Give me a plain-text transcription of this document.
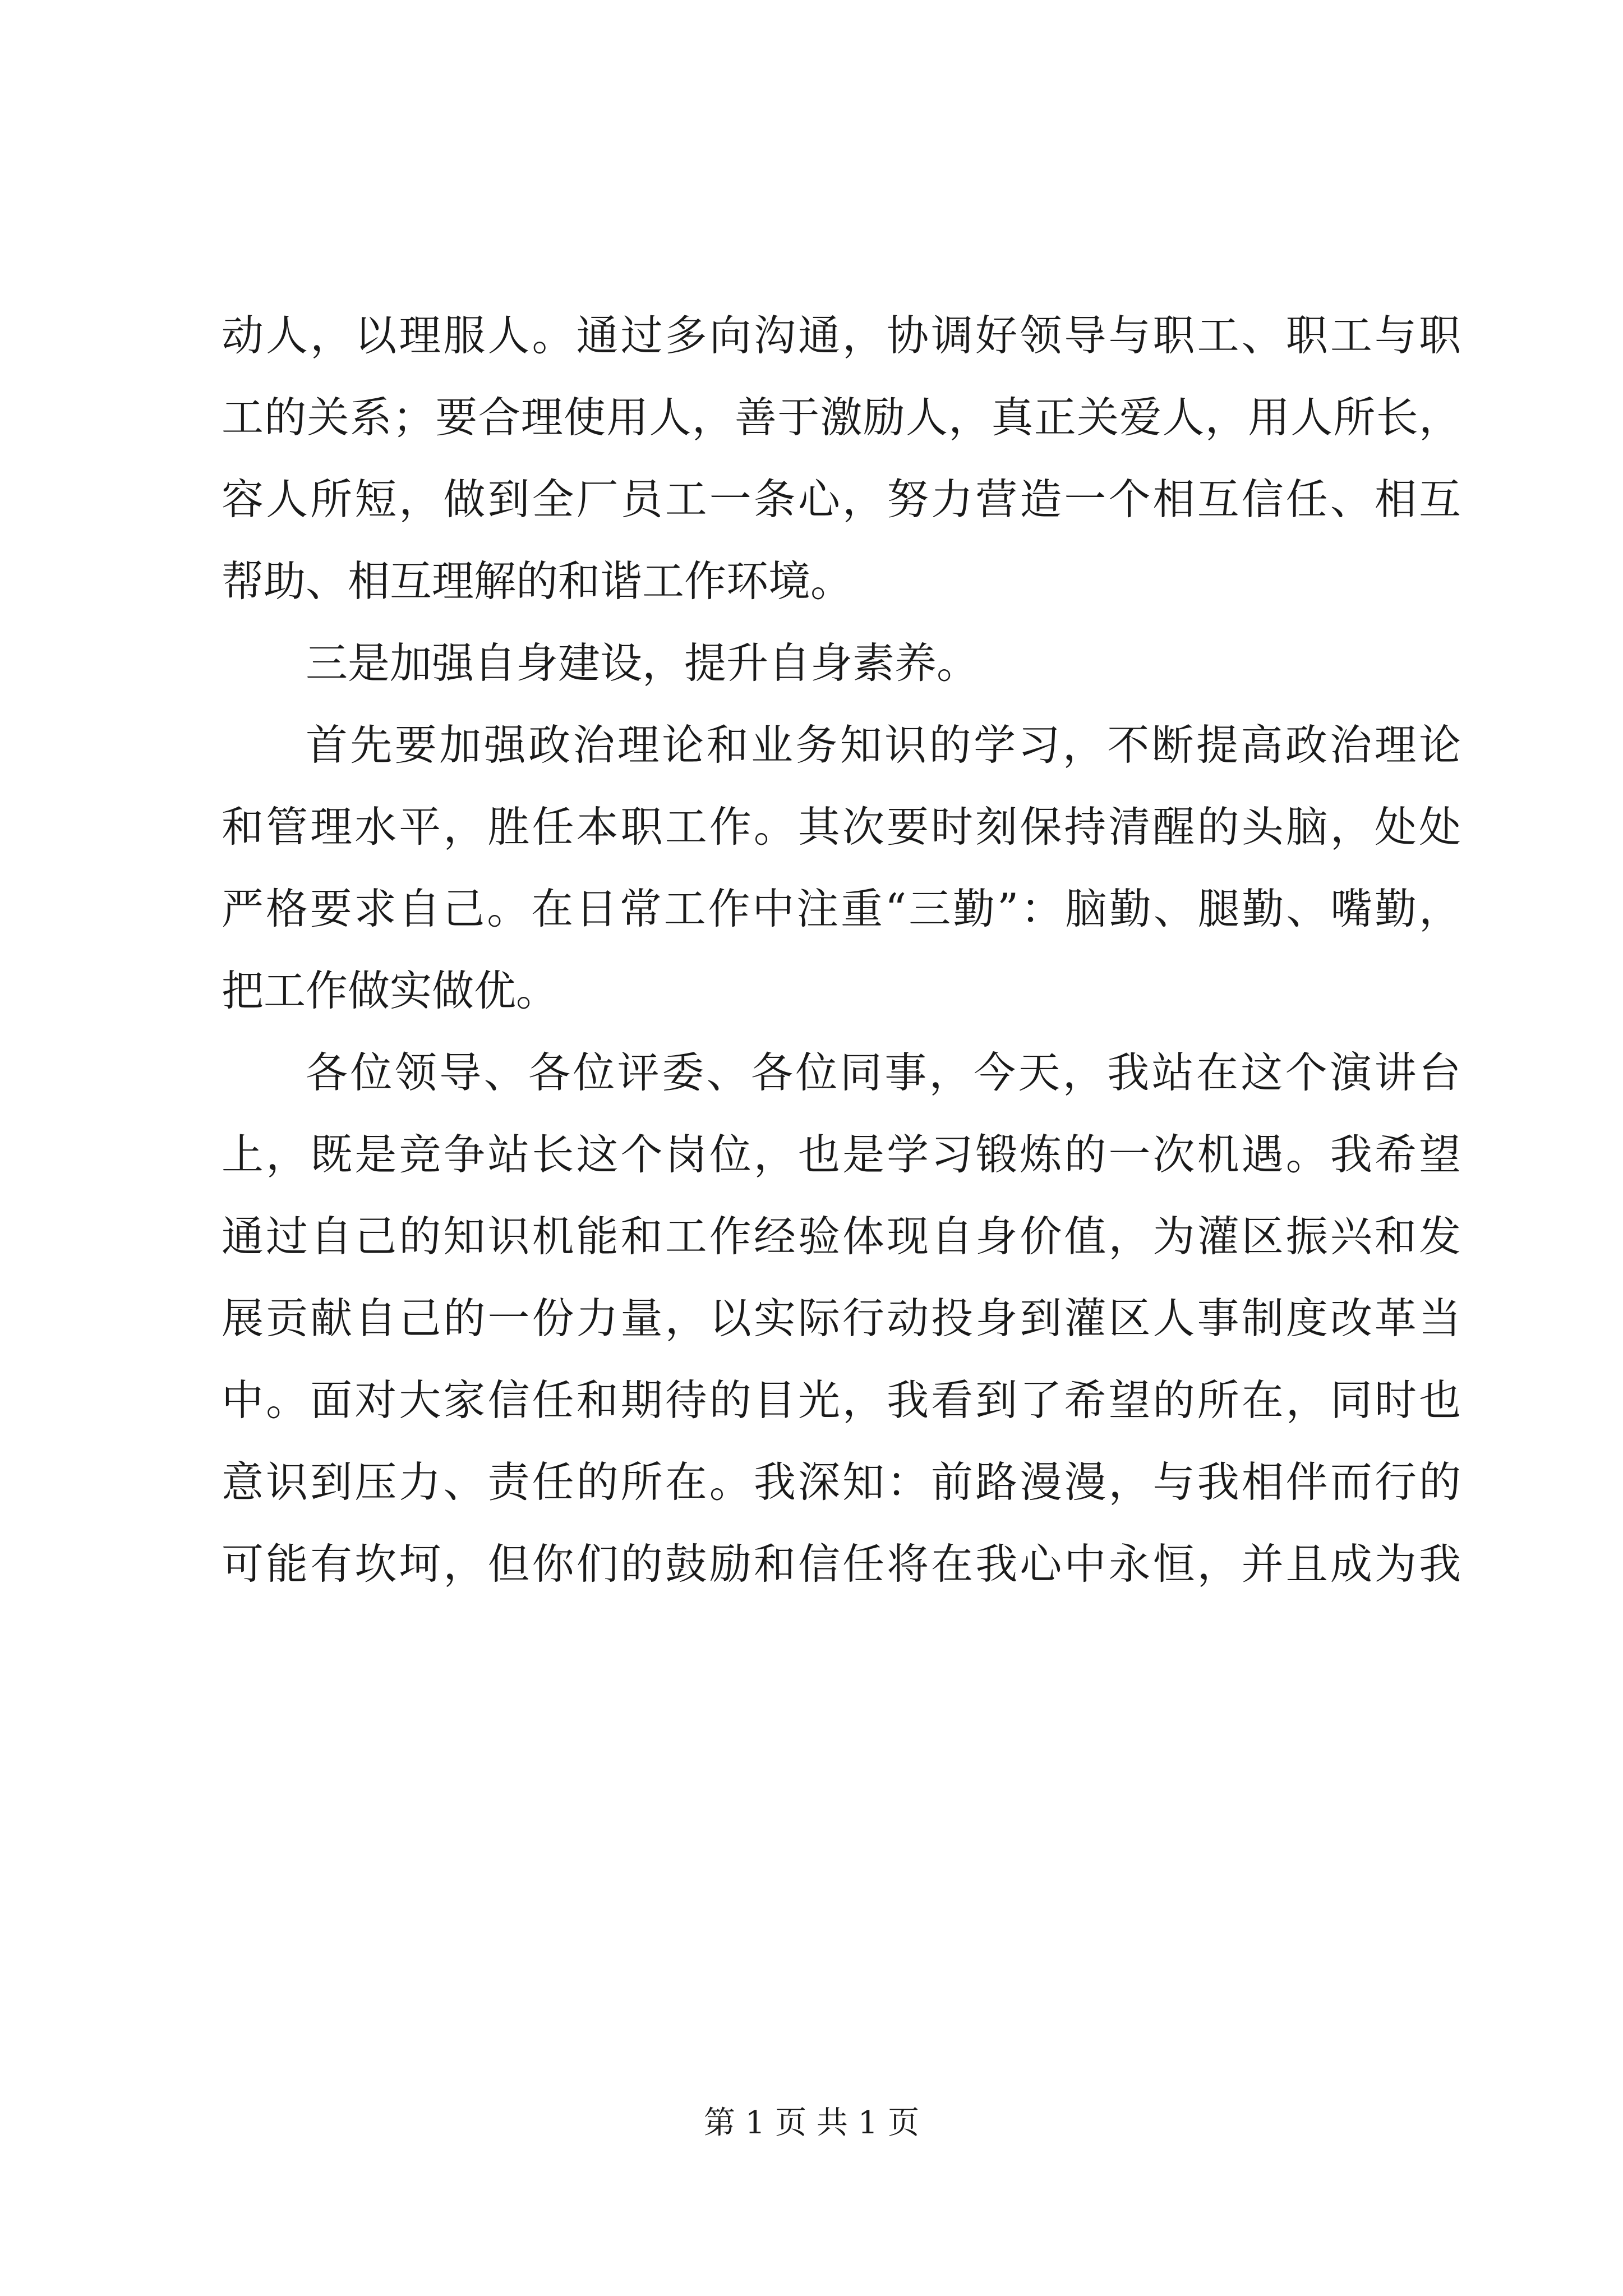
动人，以理服人。通过多向沟通，协调好领导与职工、职工与职
工的关系；要合理使用人，善于激励人，真正关爱人，用人所长，
容人所短，做到全厂员工一条心，努力营造一个相互信任、相互
帮助、相互理解的和谐工作环境。
三是加强自身建设，提升自身素养。
首先要加强政治理论和业务知识的学习，不断提高政治理论
和管理水平，胜任本职工作。其次要时刻保持清醒的头脑，处处
严格要求自己。在日常工作中注重“三勤”：脑勤、腿勤、嘴勤，
把工作做实做优。
各位领导、各位评委、各位同事，今天，我站在这个演讲台
上，既是竞争站长这个岗位，也是学习锻炼的一次机遇。我希望
通过自己的知识机能和工作经验体现自身价值，为灌区振兴和发
展贡献自己的一份力量，以实际行动投身到灌区人事制度改革当
中。面对大家信任和期待的目光，我看到了希望的所在，同时也
意识到压力、责任的所在。我深知：前路漫漫，与我相伴而行的
可能有坎坷，但你们的鼓励和信任将在我心中永恒，并且成为我
第 1 页 共 1 页
